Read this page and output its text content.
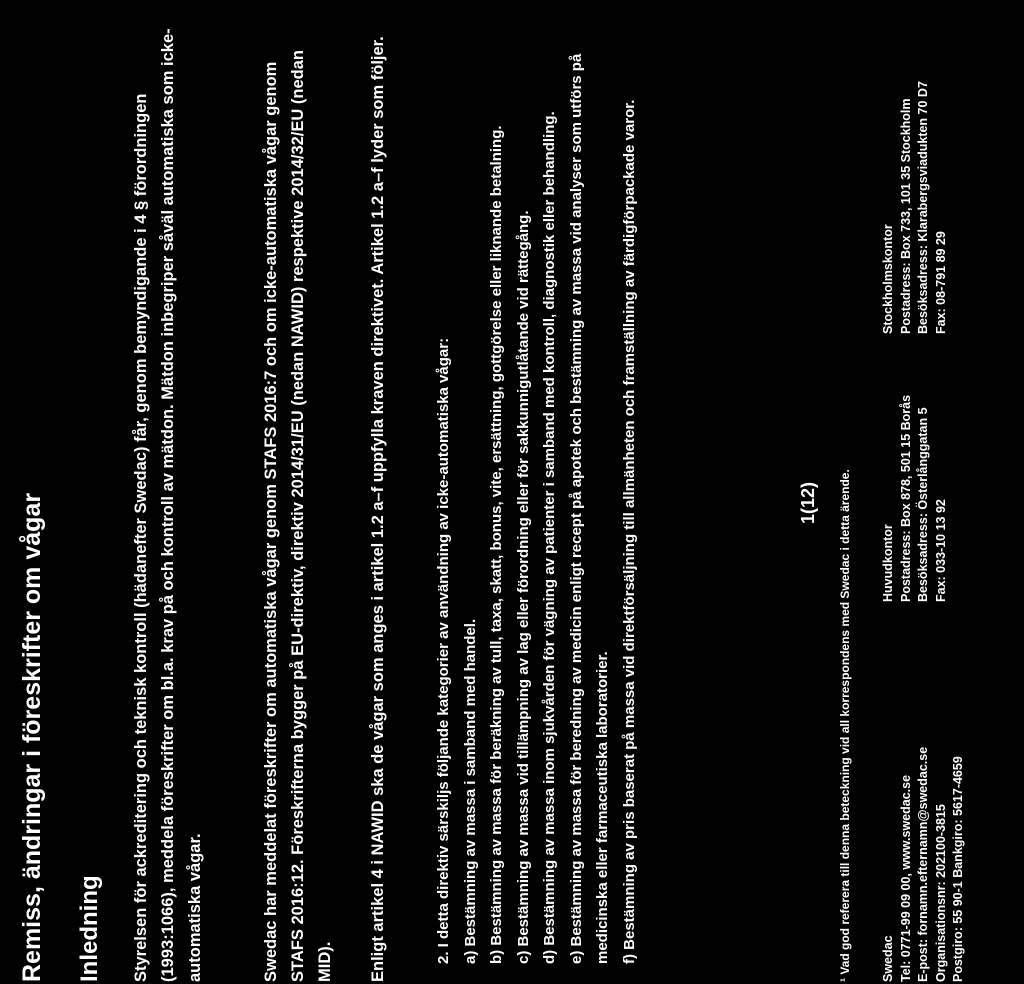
Remiss, ändringar i föreskrifter om vågar Inledning Styrelsen för ackreditering och teknisk kontroll (hädanefter Swedac) får, genom bemyndigande i 4 § förordningen (1993:1066), meddela föreskrifter om bl.a. krav på och kontroll av mätdon. Mätdon inbegriper såväl automatiska som icke-automatiska vågar.	Swedac har meddelat föreskrifter om automatiska vågar genom STAFS 2016:7 och om icke-automatiska vågar genom STAFS 2016:12. Föreskrifterna bygger på EU-direktiv, direktiv 2014/31/EU (nedan NAWID) respektive 2014/32/EU (nedan MID).	Enligt artikel 4 i NAWID ska de vågar som anges i artikel 1.2 a–f uppfylla kraven direktivet. Artikel 1.2 a–f lyder som följer.	2. I detta direktiv särskiljs följande kategorier av användning av icke-automatiska vågar: a) Bestämning av massa i samband med handel. b) Bestämning av massa för beräkning av tull, taxa, skatt, bonus, vite, ersättning, gottgörelse eller liknande betalning. c) Bestämning av massa vid tillämpning av lag eller förordning eller för sakkunnigutlåtande vid rättegång. d) Bestämning av massa inom sjukvården för vägning av patienter i samband med kontroll, diagnostik eller behandling. e) Bestämning av massa för beredning av medicin enligt recept på apotek och bestämning av massa vid analyser som utförs på medicinska eller farmaceutiska laboratorier. f) Bestämning av pris baserat på massa vid direktförsäljning till allmänheten och framställning av färdigförpackade varor.	1(12) ¹ Vad god referera till denna beteckning vid all korrespondens med Swedac i detta ärende. Swedac Tel: 0771-99 09 00, www.swedac.se E-post: fornamn.efternamn@swedac.se Organisationsnr: 202100-3815 Postgiro: 55 90-1 Bankgiro: 5617-4659
Huvudkontor Postadress: Box 878, 501 15 Borås Besöksadress: Österlånggatan 5 Fax: 033-10 13 92
Stockholmskontor Postadress: Box 733, 101 35 Stockholm Besöksadress: Klarabergsviadukten 70 D7 Fax: 08-791 89 29
